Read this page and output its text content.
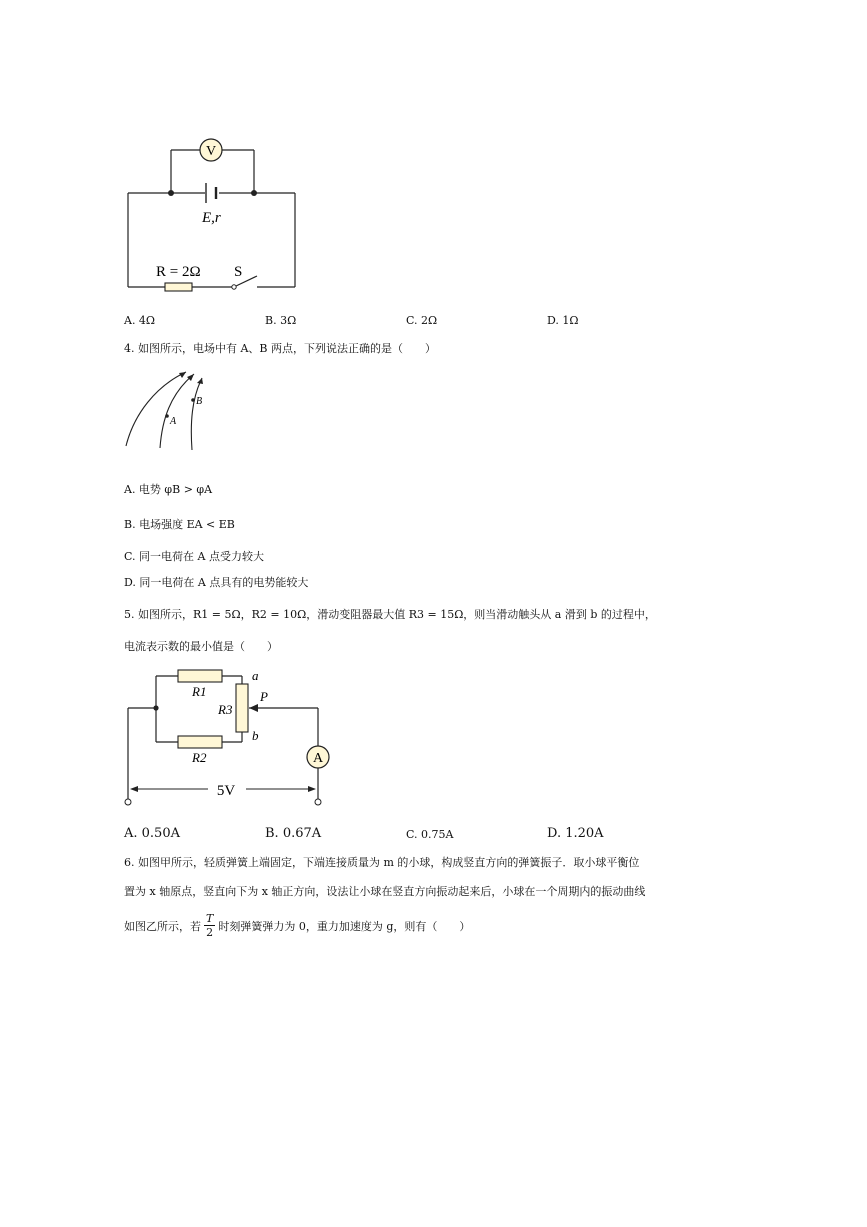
V
E,r
R = 2Ω S
A. 4Ω	B. 3Ω	C. 2Ω	D. 1Ω
4. 如图所示，电场中有 A、B 两点，下列说法正确的是（　　）
A
B
A. 电势 φB > φA
B. 电场强度 EA < EB
C. 同一电荷在 A 点受力较大
D. 同一电荷在 A 点具有的电势能较大
5. 如图所示，R1 = 5Ω，R2 = 10Ω，滑动变阻器最大值 R3 = 15Ω，则当滑动触头从 a 滑到 b 的过程中，
电流表示数的最小值是（　　）
A
5V
R1
R2
R3
a
b
P
A. 0.50A	B. 0.67A	C. 0.75A	D. 1.20A
6. 如图甲所示，轻质弹簧上端固定，下端连接质量为 m 的小球，构成竖直方向的弹簧振子．取小球平衡位
置为 x 轴原点，竖直向下为 x 轴正方向，设法让小球在竖直方向振动起来后，小球在一个周期内的振动曲线
如图乙所示，若 $\frac{T}{2}$ 时刻弹簧弹力为 0，重力加速度为 g，则有（　　）
